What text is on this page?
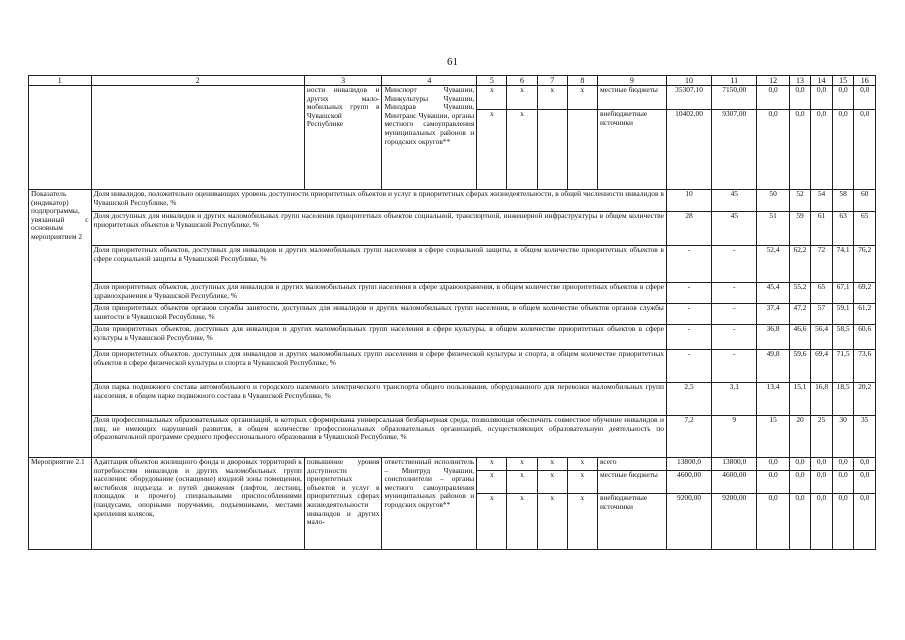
61
1	2	3	4	5	6	7	8	9	10	11	12	13	14	15	16
		ности инвалидов и других мало-мобильных групп в Чувашской Республике	Минспорт Чувашии, Минкультуры Чувашии, Минздрав Чувашии, Минтранс Чувашии, органы местного самоуправления муниципальных районов и городских округов**	x	x	x	x	местные бюджеты	35307,10	7150,00	0,0	0,0	0,0	0,0	0,0
				x	x			внебюджетные источники	10402,00	9307,00	0,0	0,0	0,0	0,0	0,0
Показатель (индикатор) подпрограммы, увязанный с основным мероприятием 2	Доля инвалидов, положительно оценивающих уровень доступности приоритетных объектов и услуг в приоритетных сферах жизнедеятельности, в общей численности инвалидов в Чувашской Республике, %								10	45	50	52	54	58	60
	Доля доступных для инвалидов и других маломобильных групп населения приоритетных объектов социальной, транспортной, инженерной инфраструктуры в общем количестве приоритетных объектов в Чувашской Республике, %								28	45	51	59	61	63	65
	Доля приоритетных объектов, доступных для инвалидов и других маломобильных групп населения в сфере социальной защиты, в общем количестве приоритетных объектов в сфере социальной защиты в Чувашской Республике, %								-	-	52,4	62,2	72	74,1	76,2
	Доля приоритетных объектов, доступных для инвалидов и других маломобильных групп населения в сфере здравоохранения, в общем количестве приоритетных объектов в сфере здравоохранения в Чувашской Республике, %								-	-	45,4	55,2	65	67,1	69,2
	Доля приоритетных объектов органов службы занятости, доступных для инвалидов и других маломобильных групп населения, в общем количестве объектов органов службы занятости в Чувашской Республике, %								-	-	37,4	47,2	57	59,1	61,2
	Доля приоритетных объектов, доступных для инвалидов и других маломобильных групп населения в сфере культуры, в общем количестве приоритетных объектов в сфере культуры в Чувашской Республике, %								-	-	36,8	46,6	56,4	58,5	60,6
	Доля приоритетных объектов, доступных для инвалидов и других маломобильных групп населения в сфере физической культуры и спорта, в общем количестве приоритетных объектов в сфере физической культуры и спорта в Чувашской Республике, %								-	-	49,8	59,6	69,4	71,5	73,6
	Доля парка подвижного состава автомобильного и городского наземного электрического транспорта общего пользования, оборудованного для перевозки маломобильных групп населения, в общем парке подвижного состава в Чувашской Республике, %								2,5	3,1	13,4	15,1	16,8	18,5	20,2
	Доля профессиональных образовательных организаций, в которых сформирована универсальная безбарьерная среда, позволяющая обеспечить совместное обучение инвалидов и лиц, не имеющих нарушений развития, в общем количестве профессиональных образовательных организаций, осуществляющих образовательную деятельность по образовательной программе среднего профессионального образования в Чувашской Республике, %								7,2	9	15	20	25	30	35
Мероприятие 2.1	Адаптация объектов жилищного фонда и дворовых территорий к потребностям инвалидов и других маломобильных групп населения: оборудование (оснащение) входной зоны помещения, вестибюля подъезда и путей движения (лифтов, лестниц, площадок и прочего) специальными приспособлениями (пандусами, опорными поручнями, подъемниками, местами крепления колясок,	повышение уровня доступности приоритетных объектов и услуг в приоритетных сферах жизнедеятельности инвалидов и других мало-	ответственный исполнитель – Минтруд Чувашии, соисполнители – органы местного самоуправления муниципальных районов и городских округов**	x	x	x	x	всего	13800,0	13800,0	0,0	0,0	0,0	0,0	0,0
				x	x	x	x	местные бюджеты	4600,00	4600,00	0,0	0,0	0,0	0,0	0,0
				x	x	x	x	внебюджетные источники	9200,00	9200,00	0,0	0,0	0,0	0,0	0,0
